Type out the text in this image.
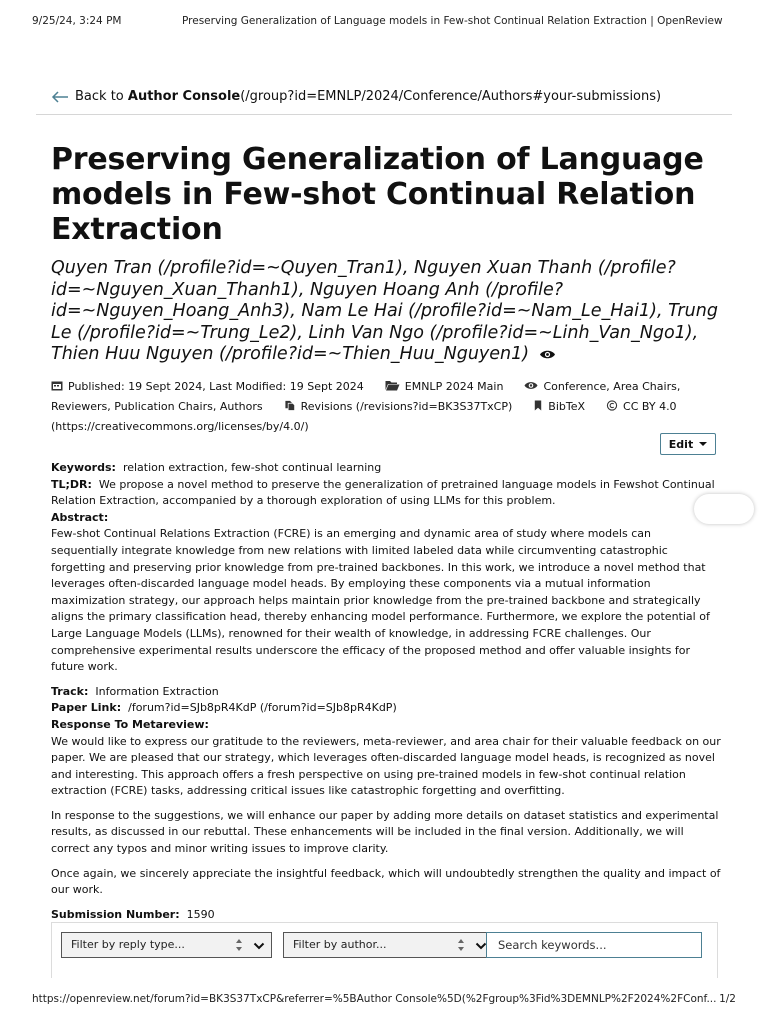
9/25/24, 3:24 PM	Preserving Generalization of Language models in Few-shot Continual Relation Extraction | OpenReview
Back to
Author Console (/group?id=EMNLP/2024/Conference/Authors#your-submissions)
Preserving Generalization of Language models in Few-shot Continual Relation Extraction
Quyen Tran (/profile?id=~Quyen_Tran1), Nguyen Xuan Thanh (/profile?id=~Nguyen_Xuan_Thanh1), Nguyen Hoang Anh (/profile?id=~Nguyen_Hoang_Anh3), Nam Le Hai (/profile?id=~Nam_Le_Hai1), Trung Le (/profile?id=~Trung_Le2), Linh Van Ngo (/profile?id=~Linh_Van_Ngo1), Thien Huu Nguyen (/profile?id=~Thien_Huu_Nguyen1)
Published: 19 Sept 2024, Last Modified: 19 Sept 2024	EMNLP 2024 Main	Conference, Area Chairs, Reviewers, Publication Chairs, Authors	Revisions (/revisions?id=BK3S37TxCP)	BibTeX	CC BY 4.0 (https://creativecommons.org/licenses/by/4.0/)
Edit

Keywords: relation extraction, few-shot continual learning

TL;DR: We propose a novel method to preserve the generalization of pretrained language models in Fewshot Continual Relation Extraction, accompanied by a thorough exploration of using LLMs for this problem.

Abstract:

Few-shot Continual Relations Extraction (FCRE) is an emerging and dynamic area of study where models can sequentially integrate knowledge from new relations with limited labeled data while circumventing catastrophic forgetting and preserving prior knowledge from pre-trained backbones. In this work, we introduce a novel method that leverages often-discarded language model heads. By employing these components via a mutual information maximization strategy, our approach helps maintain prior knowledge from the pre-trained backbone and strategically aligns the primary classification head, thereby enhancing model performance. Furthermore, we explore the potential of Large Language Models (LLMs), renowned for their wealth of knowledge, in addressing FCRE challenges. Our comprehensive experimental results underscore the efficacy of the proposed method and offer valuable insights for future work.

Track: Information Extraction

Paper Link: /forum?id=SJb8pR4KdP (/forum?id=SJb8pR4KdP)

Response To Metareview:

We would like to express our gratitude to the reviewers, meta-reviewer, and area chair for their valuable feedback on our paper. We are pleased that our strategy, which leverages often-discarded language model heads, is recognized as novel and interesting. This approach offers a fresh perspective on using pre-trained models in few-shot continual relation extraction (FCRE) tasks, addressing critical issues like catastrophic forgetting and overfitting.

In response to the suggestions, we will enhance our paper by adding more details on dataset statistics and experimental results, as discussed in our rebuttal. These enhancements will be included in the final version. Additionally, we will correct any typos and minor writing issues to improve clarity.

Once again, we sincerely appreciate the insightful feedback, which will undoubtedly strengthen the quality and impact of our work.

Submission Number: 1590

Filter by reply type...	Filter by author...	Search keywords...
https://openreview.net/forum?id=BK3S37TxCP&referrer=%5BAuthor Console%5D(%2Fgroup%3Fid%3DEMNLP%2F2024%2FConf... 1/2
